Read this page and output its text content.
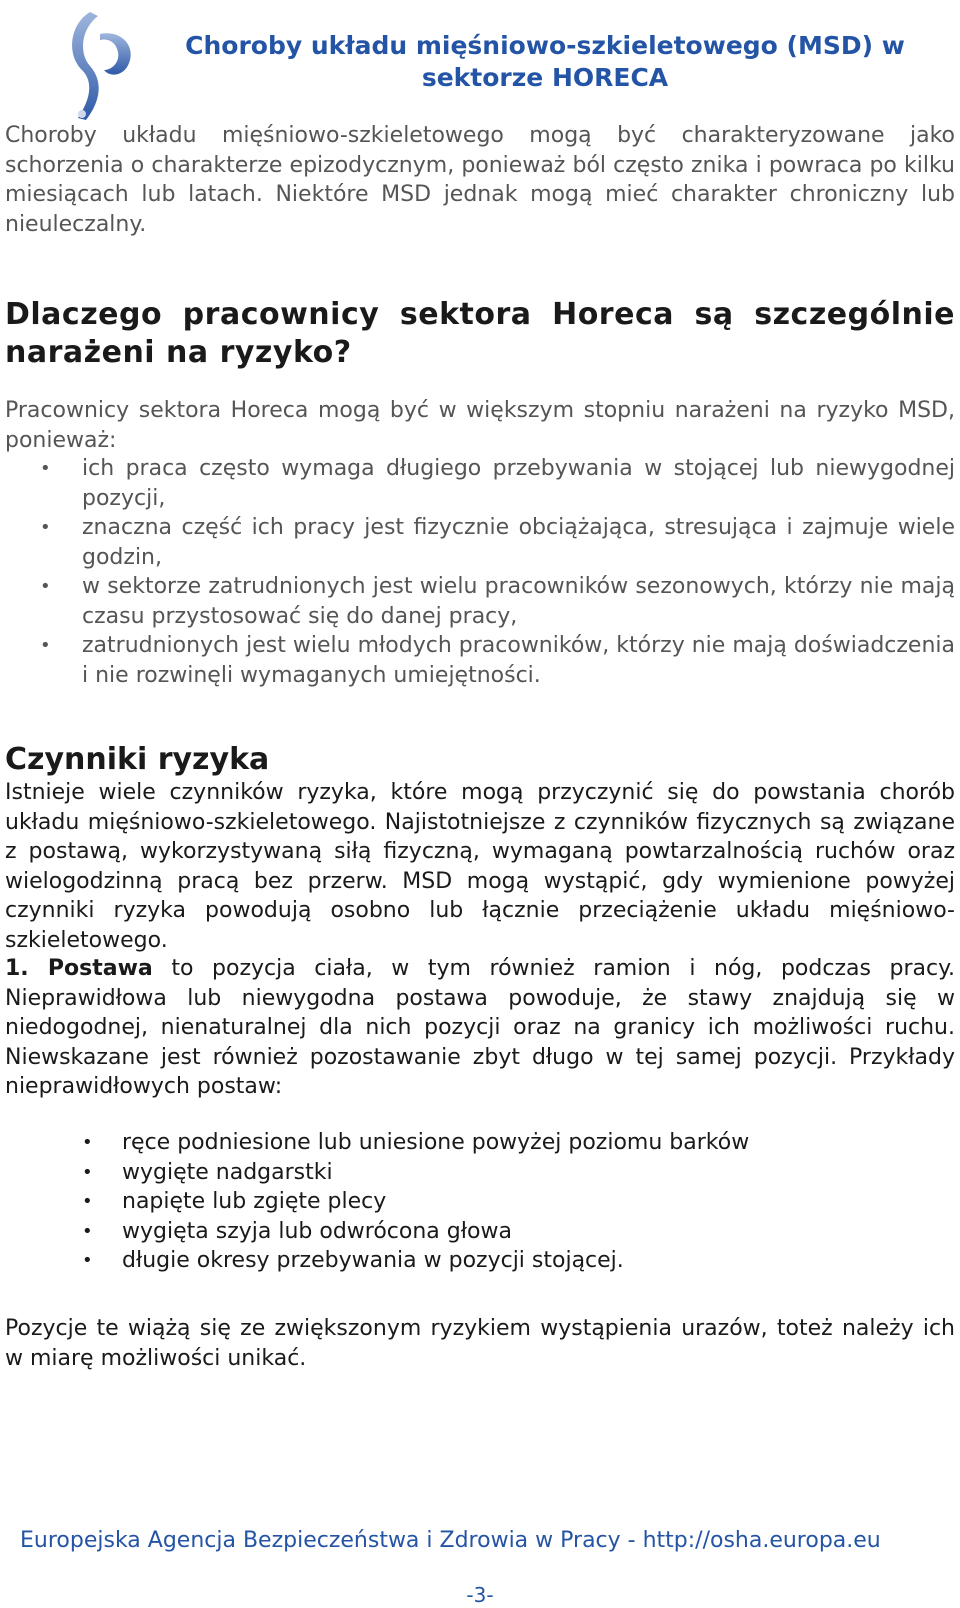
Choroby układu mięśniowo-szkieletowego (MSD) w sektorze HORECA
Choroby układu mięśniowo-szkieletowego mogą być charakteryzowane jako schorzenia o charakterze epizodycznym, ponieważ ból często znika i powraca po kilku miesiącach lub latach. Niektóre MSD jednak mogą mieć charakter chroniczny lub nieuleczalny.
Dlaczego pracownicy sektora Horeca są szczególnie narażeni na ryzyko?
Pracownicy sektora Horeca mogą być w większym stopniu narażeni na ryzyko MSD, ponieważ:
• ich praca często wymaga długiego przebywania w stojącej lub niewygodnej pozycji,
• znaczna część ich pracy jest fizycznie obciążająca, stresująca i zajmuje wiele godzin,
• w sektorze zatrudnionych jest wielu pracowników sezonowych, którzy nie mają czasu przystosować się do danej pracy,
• zatrudnionych jest wielu młodych pracowników, którzy nie mają doświadczenia i nie rozwinęli wymaganych umiejętności.
Czynniki ryzyka
Istnieje wiele czynników ryzyka, które mogą przyczynić się do powstania chorób układu mięśniowo-szkieletowego. Najistotniejsze z czynników fizycznych są związane z postawą, wykorzystywaną siłą fizyczną, wymaganą powtarzalnością ruchów oraz wielogodzinną pracą bez przerw. MSD mogą wystąpić, gdy wymienione powyżej czynniki ryzyka powodują osobno lub łącznie przeciążenie układu mięśniowo-szkieletowego.
1. Postawa to pozycja ciała, w tym również ramion i nóg, podczas pracy. Nieprawidłowa lub niewygodna postawa powoduje, że stawy znajdują się w niedogodnej, nienaturalnej dla nich pozycji oraz na granicy ich możliwości ruchu. Niewskazane jest również pozostawanie zbyt długo w tej samej pozycji. Przykłady nieprawidłowych postaw:
• ręce podniesione lub uniesione powyżej poziomu barków
• wygięte nadgarstki
• napięte lub zgięte plecy
• wygięta szyja lub odwrócona głowa
• długie okresy przebywania w pozycji stojącej.
Pozycje te wiążą się ze zwiększonym ryzykiem wystąpienia urazów, toteż należy ich w miarę możliwości unikać.
Europejska Agencja Bezpieczeństwa i Zdrowia w Pracy - http://osha.europa.eu
-3-
